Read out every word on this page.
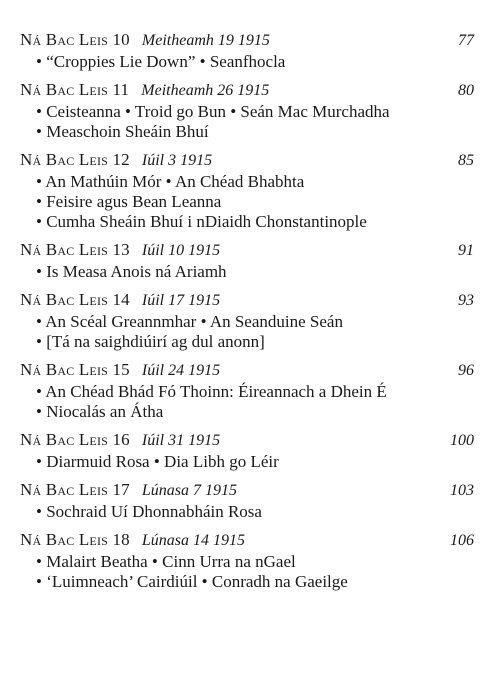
Ná Bac Leis 10 Meitheamh 19 1915	77
• “Croppies Lie Down” • Seanfhocla
Ná Bac Leis 11 Meitheamh 26 1915	80
• Ceisteanna • Troid go Bun • Seán Mac Murchadha
• Measchoin Sheáin Bhuí
Ná Bac Leis 12 Iúil 3 1915	85
• An Mathúin Mór • An Chéad Bhabhta
• Feisire agus Bean Leanna
• Cumha Sheáin Bhuí i nDiaidh Chonstantinople
Ná Bac Leis 13 Iúil 10 1915	91
• Is Measa Anois ná Ariamh
Ná Bac Leis 14 Iúil 17 1915	93
• An Scéal Greannmhar • An Seanduine Seán
• [Tá na saighdiúirí ag dul anonn]
Ná Bac Leis 15 Iúil 24 1915	96
• An Chéad Bhád Fó Thoinn: Éireannach a Dhein É
• Niocalás an Átha
Ná Bac Leis 16 Iúil 31 1915	100
• Diarmuid Rosa • Dia Libh go Léir
Ná Bac Leis 17 Lúnasa 7 1915	103
• Sochraid Uí Dhonnabháin Rosa
Ná Bac Leis 18 Lúnasa 14 1915	106
• Malairt Beatha • Cinn Urra na nGael
• ‘Luimneach’ Cairdiúil • Conradh na Gaeilge
